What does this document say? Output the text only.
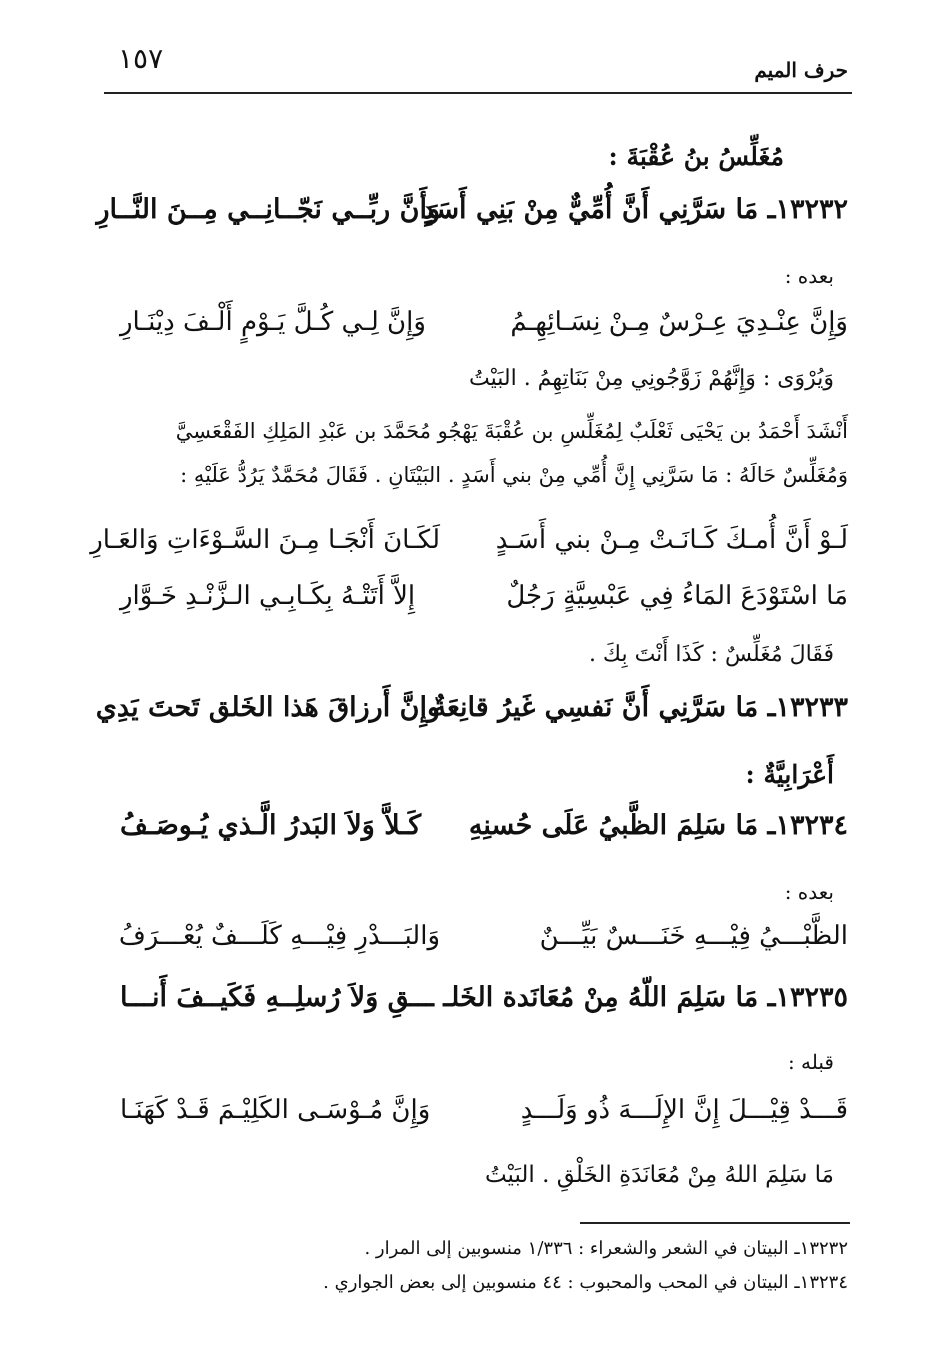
١٥٧	حرف الميم
مُغَلِّسُ بنُ عُقْبَةَ :
١٣٢٣٢ـ مَا سَرَّنِي أَنَّ أُمِّيٌّ مِنْ بَنِي أَسَدٍ
وَأَنَّ ربِّــي نَجّــانِــي مِــنَ النَّــارِ
بعده :
وَإِنَّ عِنْـدِيَ عِـرْسٌ مِـنْ نِسَـائِهِـمُ
وَإِنَّ لِـي كُـلَّ يَـوْمٍ أَلْـفَ دِيْنَـارِ
وَيُرْوَى : وَإِنَّهُمْ زَوَّجُونِي مِنْ بَنَاتِهِمُ . البَيْتُ
أَنْشَدَ أَحْمَدُ بن يَحْيَى ثَعْلَبٌ لِمُغَلِّسِ بن عُقْبَةَ يَهْجُو مُحَمَّدَ بن عَبْدِ المَلِكِ الفَقْعَسِيَّ
وَمُغَلِّسٌ حَالَهُ : مَا سَرَّنِي إِنَّ أُمِّي مِنْ بني أَسَدٍ . البَيْتَانِ . فَقَالَ مُحَمَّدٌ يَرُدُّ عَلَيْهِ :
لَـوْ أَنَّ أُمـكَ كَـانَـتْ مِـنْ بني أَسَـدٍ
لَكَـانَ أَنْجَـا مِـنَ السَّـوْءَاتِ وَالعَـارِ
مَا اسْتَوْدَعَ المَاءُ فِي عَبْسِيَّةٍ رَجُلٌ
إِلاَّ أَتَتْـهُ بِكَـابِـي الـزَّنْـدِ خَـوَّارِ
فَقَالَ مُغَلِّسٌ : كَذَا أَنْتَ بِكَ .
١٣٢٣٣ـ مَا سَرَّنِي أَنَّ نَفسِي غَيرُ قانِعَةٌ
وإِنَّ أَرزاقَ هَذا الخَلق تَحتَ يَدِي
أَعْرَابِيَّةٌ :
١٣٢٣٤ـ مَا سَلِمَ الظَّبيُ عَلَى حُسنِهِ
كَـلاَّ وَلاَ البَدرُ الَّـذي يُـوصَـفُ
بعده :
الظَّبْـــيُ فِيْـــهِ خَنَـــسٌ بَيِّـــنٌ
وَالبَـــدْرِ فِيْـــهِ كَلَـــفٌ يُعْـــرَفُ
١٣٢٣٥ـ مَا سَلِمَ اللّهُ مِنْ مُعَانَدة الخَلـ
ـــقِ وَلاَ رُسلِــهِ فَكَيــفَ أَنـــا
قبله :
قَـــدْ قِيْـــلَ إِنَّ الإِلَـــهَ ذُو وَلَـــدٍ
وَإِنَّ مُـوْسَـى الكَلِيْـمَ قَـدْ كَهَنَـا
مَا سَلِمَ اللهُ مِنْ مُعَانَدَةِ الخَلْقِ . البَيْتُ
١٣٢٣٢ـ البيتان في الشعر والشعراء : ١/٣٣٦ منسوبين إلى المرار .
١٣٢٣٤ـ البيتان في المحب والمحبوب : ٤٤ منسوبين إلى بعض الجواري .
